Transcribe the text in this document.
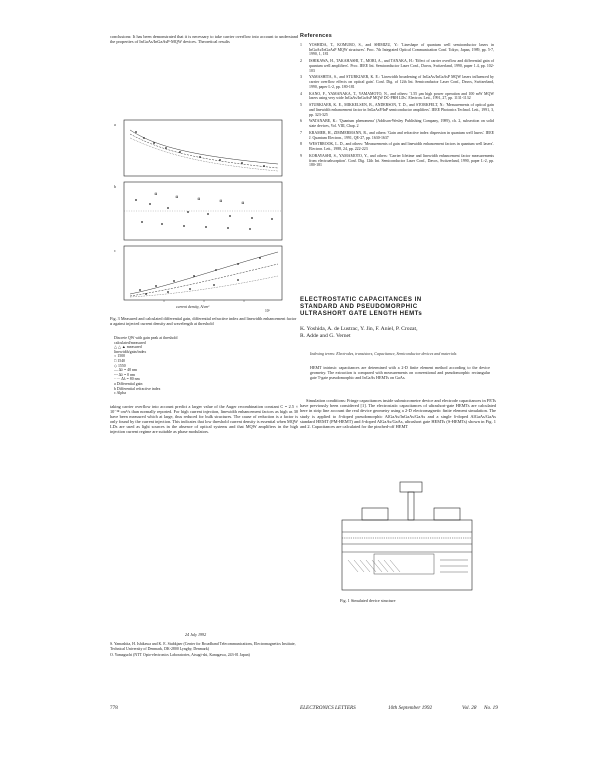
conclusions: It has been demonstrated that it is necessary to take carrier overflow into account to understand the properties of InGaAs/InGaAsP-MQW devices. Theoretical results

a
b
c
current density, A/cm²
10³
Fig. 3 Measured and calculated differential gain, differential refractive index and linewidth enhancement factor α against injected current density and wavelength at threshold
Discrete QW with gain peak at threshold
calculated/measured
△ △ ▲ measured
linewidth/gain/index
○ 1500
□ 1540
◇ 1550
— Δλ = 40 nm
--- Δλ = 0 nm
····· Δλ = 80 nm
a Differential gain
b Differential refractive index
c Alpha

taking carrier overflow into account predict a larger value of the Auger recombination constant C = 2.5 × 10⁻²⁸ cm⁶/s than normally reported. For high current injection, linewidth enhancement factors as high as 30 have been measured which at large, thus reduced for bulk structures. The cause of reduction is a factor is only found by the current injection. This indicates that low threshold current density is essential when MQW LDs are used as light sources in the absence of optical systems and that MQW amplifiers in the high injection current regime are suitable as phase modulators.

24 July 1992

S. Yamashita, H. Ishikawa and K. E. Stubkjaer (Center for Broadband Telecommunications, Electromagnetics Institute, Technical University of Denmark, DK-2800 Lyngby, Denmark)

O. Yamaguchi (NTT Opto-electronics Laboratories, Atsugi-shi, Kanagawa, 243-01 Japan)

References
1 YOSHIDA, T., KOMURO, S., and SHIMIZU, Y.: 'Lineshape of quantum well semiconductor lasers in InGaAs/InGaAsP MQW structures'. Proc. 7th Integrated Optical Communication Conf. Tokyo, Japan, 1989, pp. 5-7, 1990, 1, 181
2 ISHIKAWA, H., TAKAHASHI, T., MORI, A., and TANAKA, H.: 'Effect of carrier overflow and differential gain of quantum well amplifiers'. Proc. IEEE Int. Semiconductor Laser Conf., Davos, Switzerland, 1990, paper 1.4, pp. 102-103
3 YAMASHITA, S., and STUBKJAER, K. E.: 'Linewidth broadening of InGaAs/InGaAsP MQW lasers influenced by carrier overflow effects on optical gain'. Conf. Dig. of 12th Int. Semiconductor Laser Conf., Davos, Switzerland, 1990, paper L-2, pp. 180-181
4 KANO, F., YAMANAKA, T., YAMAMOTO, N., and others: '1.55 μm high power operation and 100 mW MQW lasers using very wide InGaAs/InGaAsP MQW DC-PBH LDs'. Electron. Lett., 1991, 27, pp. 1131-1132
5 STUBKJAER, K. E., MIKKELSEN, B., ANDERSON, T. D., and STORKFELT, N.: 'Measurements of optical gain and linewidth enhancement factor in InGaAsP/InP semiconductor amplifiers'. IEEE Photonics Technol. Lett., 1991, 3, pp. 323-325
6 WATANABE, K.: 'Quantum phenomena' (Addison-Wesley Publishing Company, 1989), ch. 2, subsection on solid state devices, Vol. VIII, Chap. 2
7 KRAMER, H., ZIMMERMANN, R., and others: 'Gain and refractive index dispersion in quantum well lasers'. IEEE J. Quantum Electron., 1991, QE-27, pp. 1630-1637
8 WESTBROOK, L. D., and others: 'Measurements of gain and linewidth enhancement factors in quantum well lasers'. Electron. Lett., 1988, 24, pp. 222-223
9 KOBAYASHI, S., YAMAMOTO, Y., and others: 'Carrier lifetime and linewidth enhancement factor measurements from electroabsorption'. Conf. Dig. 12th Int. Semiconductor Laser Conf., Davos, Switzerland, 1990, paper L-2, pp. 180-181
ELECTROSTATIC CAPACITANCES IN
STANDARD AND PSEUDOMORPHIC
ULTRASHORT GATE LENGTH HEMTs
K. Yoshida, A. de Lustrac, Y. Jin, F. Aniel, P. Crozat,
R. Adde and G. Vernet
Indexing terms: Electrodes, transistors, Capacitance, Semiconductor devices and materials
HEMT intrinsic capacitances are determined with a 2-D finite element method according to the device geometry. The extraction is compared with measurements on conventional and pseudomorphic rectangular gate T-gate pseudomorphic and InGaAs HEMTs on GaAs.

Simulation conditions: Fringe capacitances inside submicrometre device and electrode capacitances in FETs have previously been considered [1]. The electrostatic capacitances of ultrashort-gate HEMTs are calculated here in strip line account the real device geometry using a 2-D electromagnetic finite element simulation. The study is applied to δ-doped pseudomorphic AlGaAs/InGaAs/GaAs and a single δ-doped AlGaAs/GaAs standard HEMT (PM-HEMT) and δ-doped AlGaAs/GaAs, ultrashort gate HEMTs (S-HEMTs) shown in Fig. 1 and 2. Capacitances are calculated for the pinched-off HEMT

Fig. 1 Simulated device structure
778	ELECTRONICS LETTERS	10th September 1992	Vol. 28 No. 19
